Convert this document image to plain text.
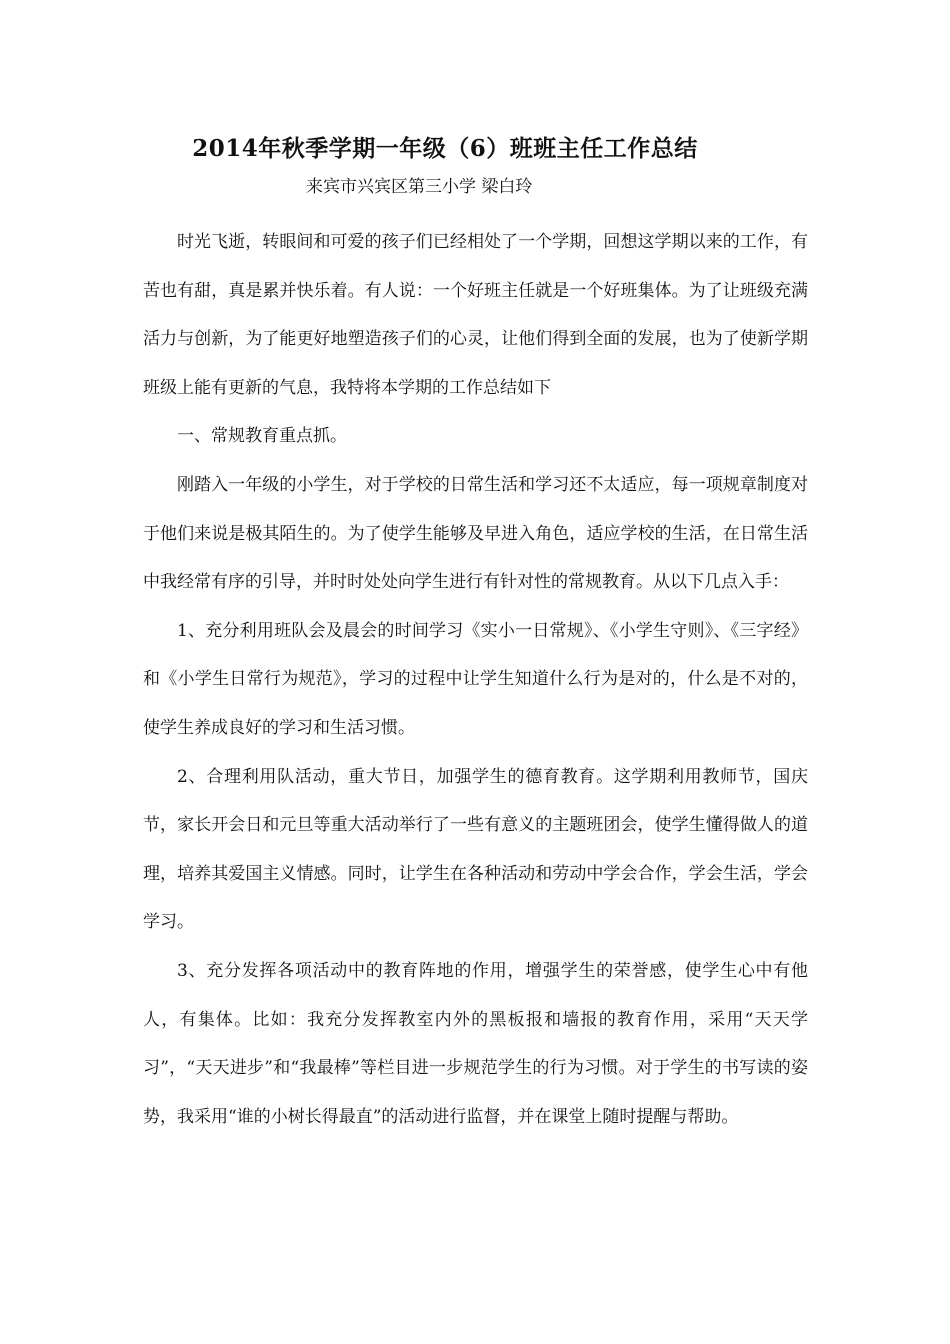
2014年秋季学期一年级（6）班班主任工作总结
来宾市兴宾区第三小学 梁白玲

时光飞逝，转眼间和可爱的孩子们已经相处了一个学期，回想这学期以来的工作，有苦也有甜，真是累并快乐着。有人说：一个好班主任就是一个好班集体。为了让班级充满活力与创新，为了能更好地塑造孩子们的心灵，让他们得到全面的发展，也为了使新学期班级上能有更新的气息，我特将本学期的工作总结如下

一、常规教育重点抓。

刚踏入一年级的小学生，对于学校的日常生活和学习还不太适应，每一项规章制度对于他们来说是极其陌生的。为了使学生能够及早进入角色，适应学校的生活，在日常生活中我经常有序的引导，并时时处处向学生进行有针对性的常规教育。从以下几点入手：

1、充分利用班队会及晨会的时间学习《实小一日常规》、《小学生守则》、《三字经》和《小学生日常行为规范》，学习的过程中让学生知道什么行为是对的，什么是不对的，使学生养成良好的学习和生活习惯。

2、合理利用队活动，重大节日，加强学生的德育教育。这学期利用教师节，国庆节，家长开会日和元旦等重大活动举行了一些有意义的主题班团会，使学生懂得做人的道理，培养其爱国主义情感。同时，让学生在各种活动和劳动中学会合作，学会生活，学会学习。

3、充分发挥各项活动中的教育阵地的作用，增强学生的荣誉感，使学生心中有他人，有集体。比如：我充分发挥教室内外的黑板报和墙报的教育作用，采用“天天学习”，“天天进步”和“我最棒”等栏目进一步规范学生的行为习惯。对于学生的书写读的姿势，我采用“谁的小树长得最直”的活动进行监督，并在课堂上随时提醒与帮助。
